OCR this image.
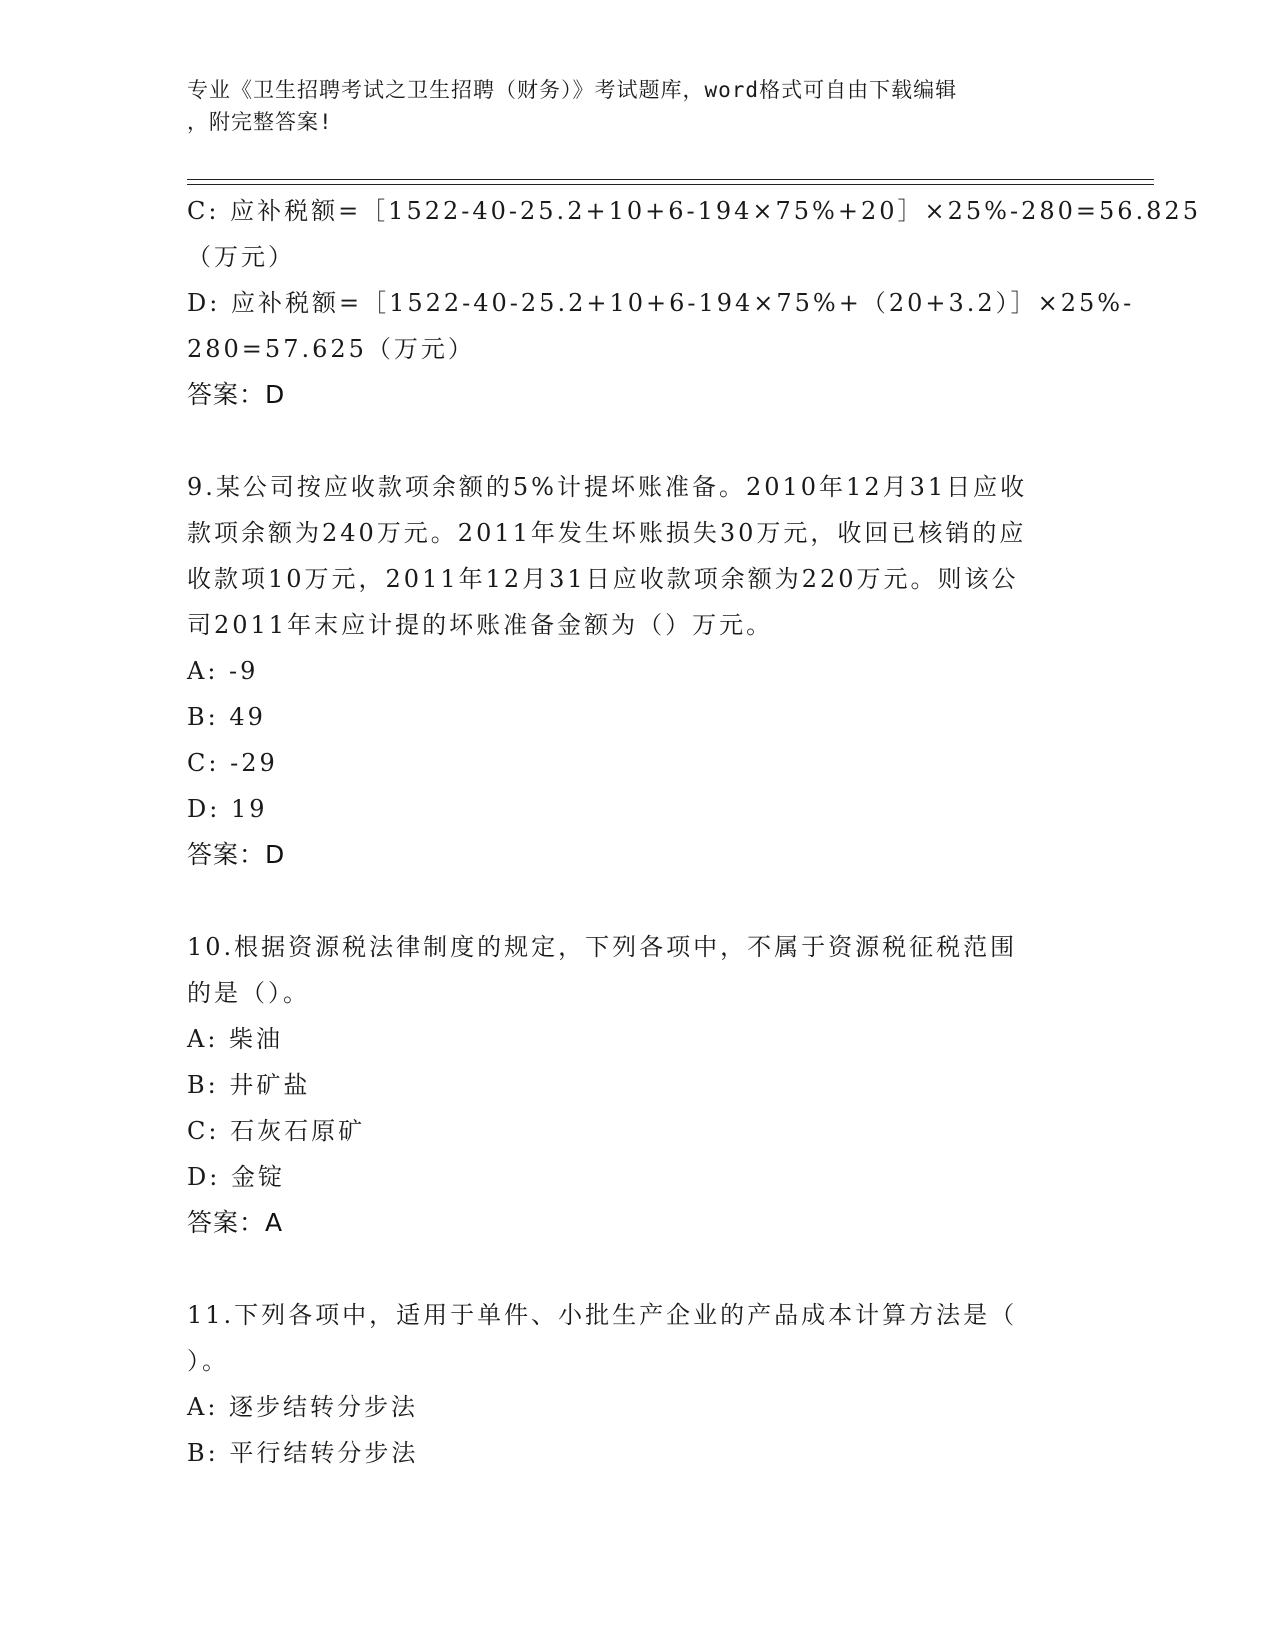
专业《卫生招聘考试之卫生招聘（财务）》考试题库，word格式可自由下载编辑
，附完整答案!
C: 应补税额=［1522-40-25.2+10+6-194×75%+20］×25%-280=56.825
（万元）
D: 应补税额=［1522-40-25.2+10+6-194×75%+（20+3.2）］×25%-
280=57.625（万元）
答案：D
9.某公司按应收款项余额的5%计提坏账准备。2010年12月31日应收
款项余额为240万元。2011年发生坏账损失30万元，收回已核销的应
收款项10万元，2011年12月31日应收款项余额为220万元。则该公
司2011年末应计提的坏账准备金额为（）万元。
A: -9
B: 49
C: -29
D: 19
答案：D
10.根据资源税法律制度的规定，下列各项中，不属于资源税征税范围
的是（）。
A: 柴油
B: 井矿盐
C: 石灰石原矿
D: 金锭
答案：A
11.下列各项中，适用于单件、小批生产企业的产品成本计算方法是（
）。
A: 逐步结转分步法
B: 平行结转分步法
